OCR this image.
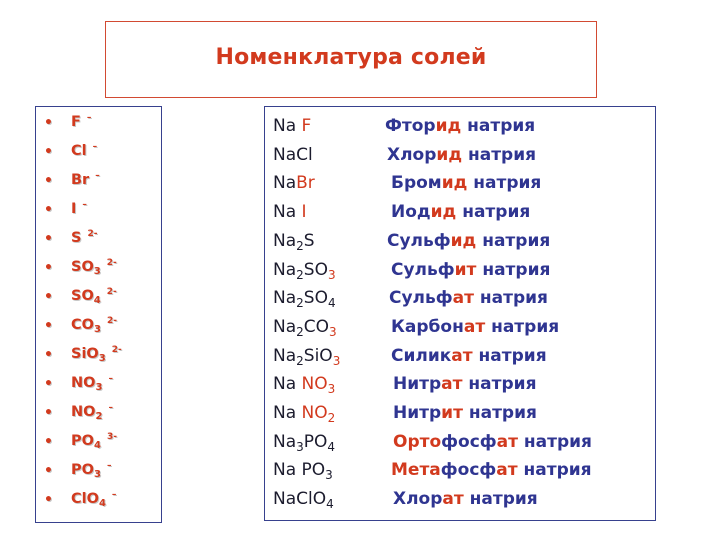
Номенклатура солей
• F –
• Cl –
• Br –
• I –
• S $^{2-}$
• $SO_3^{2-}$
• $SO_4^{2-}$
• $CO_3^{2-}$
• SiO$_3^{2-}$
• $NO_3^-$
• $NO_2^-$
• $PO_4^{3-}$
• $PO_3^-$
• ClO$_4$–
Na F	Фторид натрия
NaCl	Хлорид натрия
NaBr	Бромид натрия
Na I	Иодид натрия
$Na_2S$	Сульфид натрия
$Na_2SO_3$	Сульфит натрия
$Na_2SO_4$	Сульфат натрия
$Na_2CO_3$	Карбонат натрия
$Na_2SiO_3$	Силикат натрия
Na $NO_3$	Нитрат натрия
Na $NO_2$	Нитрит натрия
$Na_3PO_4$	Ортофосфат натрия
Na $PO_3$	Метафосфат натрия
NaClO$_4$	Хлорат натрия
